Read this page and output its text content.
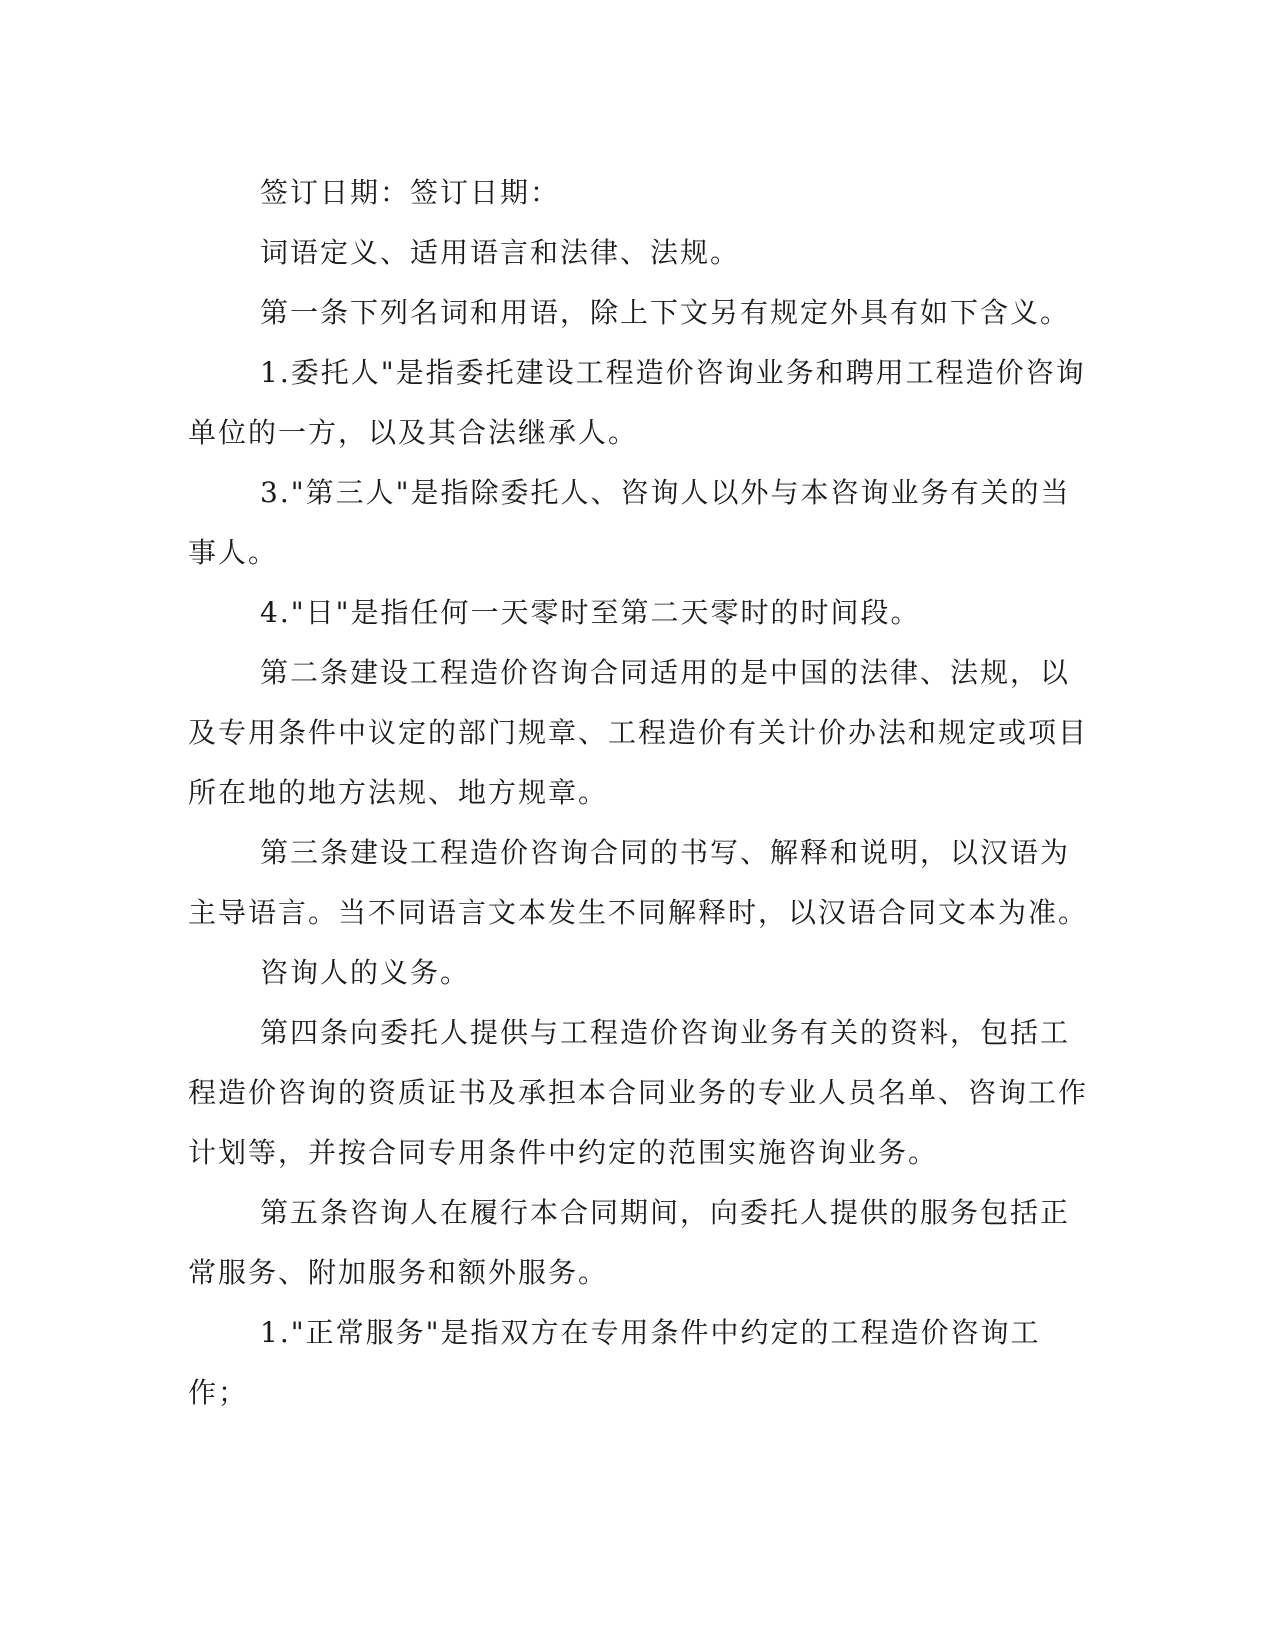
签订日期：签订日期：

词语定义、适用语言和法律、法规。

第一条下列名词和用语，除上下文另有规定外具有如下含义。

1.委托人"是指委托建设工程造价咨询业务和聘用工程造价咨询单位的一方，以及其合法继承人。

3."第三人"是指除委托人、咨询人以外与本咨询业务有关的当事人。

4."日"是指任何一天零时至第二天零时的时间段。

第二条建设工程造价咨询合同适用的是中国的法律、法规，以及专用条件中议定的部门规章、工程造价有关计价办法和规定或项目所在地的地方法规、地方规章。

第三条建设工程造价咨询合同的书写、解释和说明，以汉语为主导语言。当不同语言文本发生不同解释时，以汉语合同文本为准。

咨询人的义务。

第四条向委托人提供与工程造价咨询业务有关的资料，包括工程造价咨询的资质证书及承担本合同业务的专业人员名单、咨询工作计划等，并按合同专用条件中约定的范围实施咨询业务。

第五条咨询人在履行本合同期间，向委托人提供的服务包括正常服务、附加服务和额外服务。

1."正常服务"是指双方在专用条件中约定的工程造价咨询工作；
